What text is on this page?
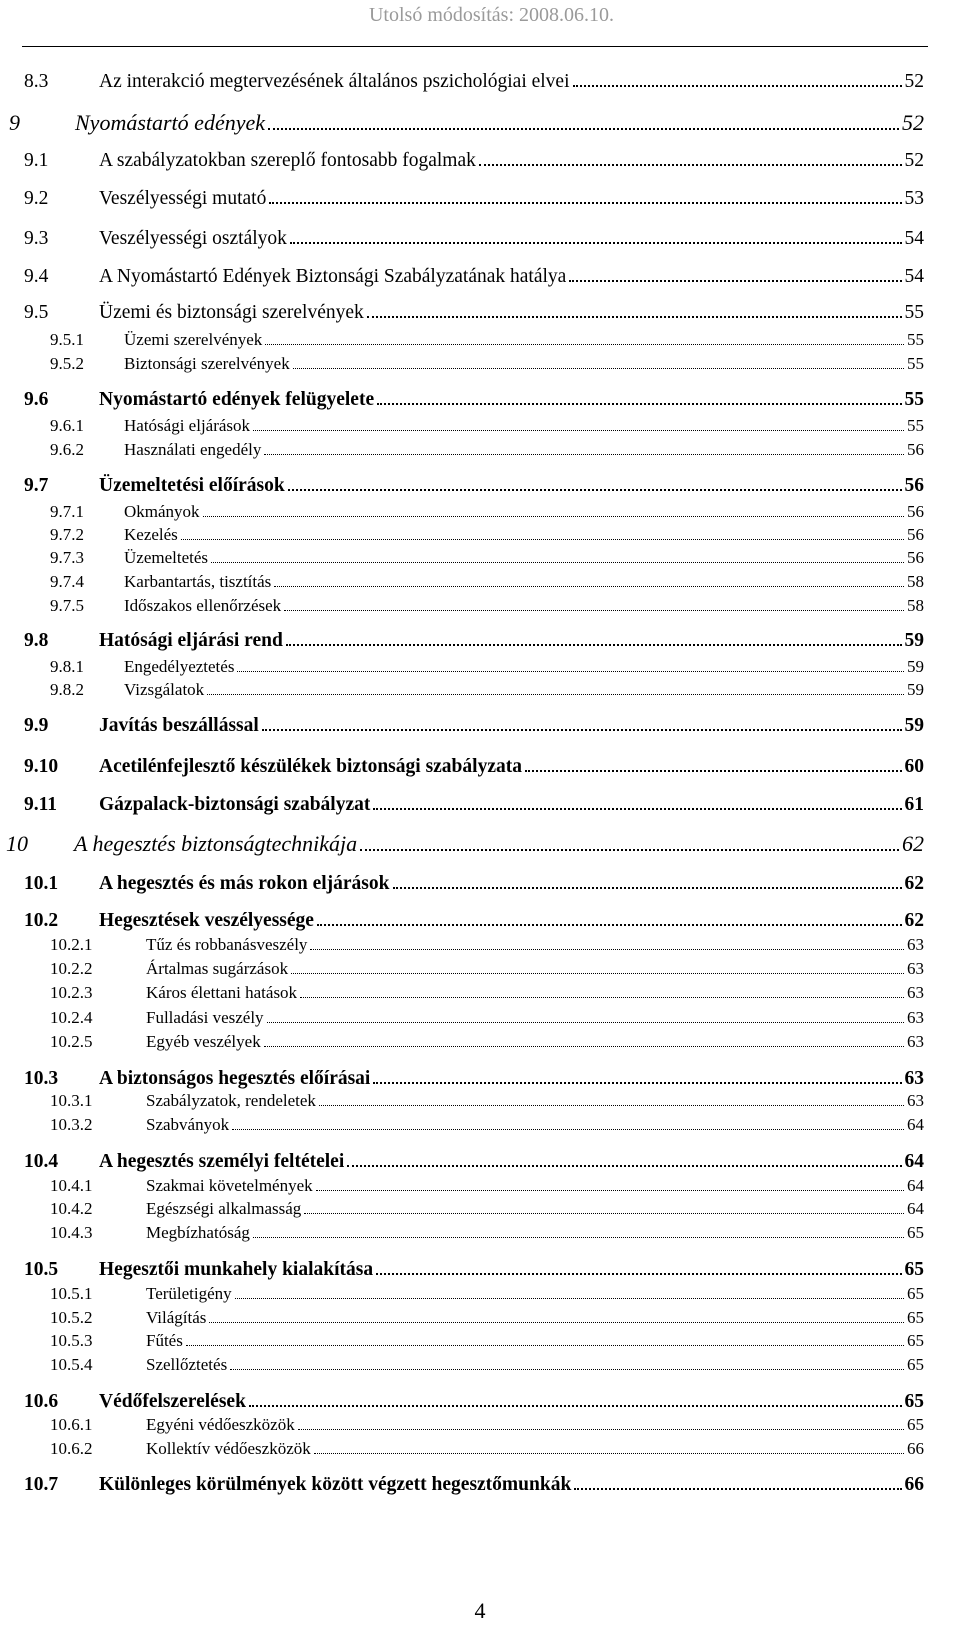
Utolsó módosítás: 2008.06.10.
8.3	Az interakció megtervezésének általános pszichológiai elvei	52
9	Nyomástartó edények	52
9.1	A szabályzatokban szereplő fontosabb fogalmak	52
9.2	Veszélyességi mutató	53
9.3	Veszélyességi osztályok	54
9.4	A Nyomástartó Edények Biztonsági Szabályzatának hatálya	54
9.5	Üzemi és biztonsági szerelvények	55
9.5.1	Üzemi szerelvények	55
9.5.2	Biztonsági szerelvények	55
9.6	Nyomástartó edények felügyelete	55
9.6.1	Hatósági eljárások	55
9.6.2	Használati engedély	56
9.7	Üzemeltetési előírások	56
9.7.1	Okmányok	56
9.7.2	Kezelés	56
9.7.3	Üzemeltetés	56
9.7.4	Karbantartás, tisztítás	58
9.7.5	Időszakos ellenőrzések	58
9.8	Hatósági eljárási rend	59
9.8.1	Engedélyeztetés	59
9.8.2	Vizsgálatok	59
9.9	Javítás beszállással	59
9.10	Acetilénfejlesztő készülékek biztonsági szabályzata	60
9.11	Gázpalack-biztonsági szabályzat	61
10	A hegesztés biztonságtechnikája	62
10.1	A hegesztés és más rokon eljárások	62
10.2	Hegesztések veszélyessége	62
10.2.1	Tűz és robbanásveszély	63
10.2.2	Ártalmas sugárzások	63
10.2.3	Káros élettani hatások	63
10.2.4	Fulladási veszély	63
10.2.5	Egyéb veszélyek	63
10.3	A biztonságos hegesztés előírásai	63
10.3.1	Szabályzatok, rendeletek	63
10.3.2	Szabványok	64
10.4	A hegesztés személyi feltételei	64
10.4.1	Szakmai követelmények	64
10.4.2	Egészségi alkalmasság	64
10.4.3	Megbízhatóság	65
10.5	Hegesztői munkahely kialakítása	65
10.5.1	Területigény	65
10.5.2	Világítás	65
10.5.3	Fűtés	65
10.5.4	Szellőztetés	65
10.6	Védőfelszerelések	65
10.6.1	Egyéni védőeszközök	65
10.6.2	Kollektív védőeszközök	66
10.7	Különleges körülmények között végzett hegesztőmunkák	66
4
